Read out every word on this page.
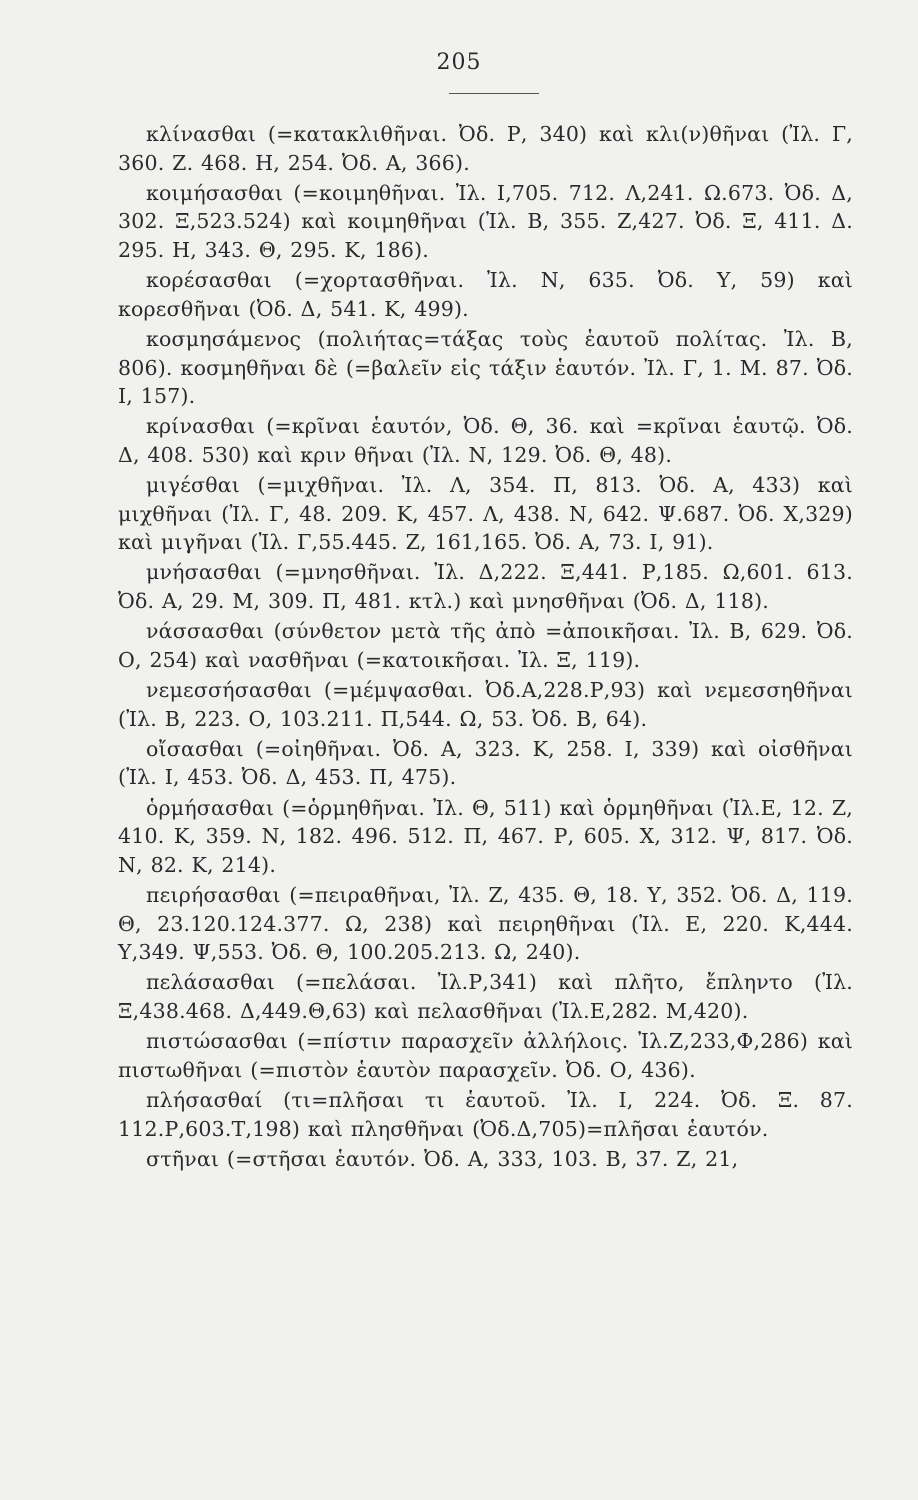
205

κλίνασθαι (=κατακλιθῆναι. Ὀδ. Ρ, 340) καὶ κλι(ν)θῆναι (Ἰλ. Γ, 360. Ζ. 468. Η, 254. Ὀδ. Α, 366).

κοιμήσασθαι (=κοιμηθῆναι. Ἰλ. Ι,705. 712. Λ,241. Ω.673. Ὀδ. Δ, 302. Ξ,523.524) καὶ κοιμηθῆναι (Ἰλ. Β, 355. Ζ,427. Ὀδ. Ξ, 411. Δ. 295. Η, 343. Θ, 295. Κ, 186).

κορέσασθαι (=χορτασθῆναι. Ἰλ. Ν, 635. Ὀδ. Υ, 59) καὶ κορεσθῆναι (Ὀδ. Δ, 541. Κ, 499).

κοσμησάμενος (πολιήτας=τάξας τοὺς ἑαυτοῦ πολίτας. Ἰλ. Β, 806). κοσμηθῆναι δὲ (=βαλεῖν εἰς τάξιν ἑαυτόν. Ἰλ. Γ, 1. Μ. 87. Ὀδ. Ι, 157).

κρίνασθαι (=κρῖναι ἑαυτόν, Ὀδ. Θ, 36. καὶ =κρῖναι ἑαυτῷ. Ὀδ. Δ, 408. 530) καὶ κριν θῆναι (Ἰλ. Ν, 129. Ὀδ. Θ, 48).

μιγέσθαι (=μιχθῆναι. Ἰλ. Λ, 354. Π, 813. Ὀδ. Α, 433) καὶ μιχθῆναι (Ἰλ. Γ, 48. 209. Κ, 457. Λ, 438. Ν, 642. Ψ.687. Ὀδ. Χ,329) καὶ μιγῆναι (Ἰλ. Γ,55.445. Ζ, 161,165. Ὀδ. Α, 73. Ι, 91).

μνήσασθαι (=μνησθῆναι. Ἰλ. Δ,222. Ξ,441. Ρ,185. Ω,601. 613. Ὀδ. Α, 29. Μ, 309. Π, 481. κτλ.) καὶ μνησθῆναι (Ὀδ. Δ, 118).

νάσσασθαι (σύνθετον μετὰ τῆς ἀπὸ =ἀποικῆσαι. Ἰλ. Β, 629. Ὀδ. Ο, 254) καὶ νασθῆναι (=κατοικῆσαι. Ἰλ. Ξ, 119).

νεμεσσήσασθαι (=μέμψασθαι. Ὀδ.Α,228.Ρ,93) καὶ νεμεσσηθῆναι (Ἰλ. Β, 223. Ο, 103.211. Π,544. Ω, 53. Ὀδ. Β, 64).

οἴσασθαι (=οἰηθῆναι. Ὀδ. Α, 323. Κ, 258. Ι, 339) καὶ οἰσθῆναι (Ἰλ. Ι, 453. Ὀδ. Δ, 453. Π, 475).

ὁρμήσασθαι (=ὁρμηθῆναι. Ἰλ. Θ, 511) καὶ ὁρμηθῆναι (Ἰλ.Ε, 12. Ζ, 410. Κ, 359. Ν, 182. 496. 512. Π, 467. Ρ, 605. Χ, 312. Ψ, 817. Ὀδ. Ν, 82. Κ, 214).

πειρήσασθαι (=πειραθῆναι, Ἰλ. Ζ, 435. Θ, 18. Υ, 352. Ὀδ. Δ, 119. Θ, 23.120.124.377. Ω, 238) καὶ πειρηθῆναι (Ἰλ. Ε, 220. Κ,444. Υ,349. Ψ,553. Ὀδ. Θ, 100.205.213. Ω, 240).

πελάσασθαι (=πελάσαι. Ἰλ.Ρ,341) καὶ πλῆτο, ἔπληντο (Ἰλ. Ξ,438.468. Δ,449.Θ,63) καὶ πελασθῆναι (Ἰλ.Ε,282. Μ,420).

πιστώσασθαι (=πίστιν παρασχεῖν ἀλλήλοις. Ἰλ.Ζ,233,Φ,286) καὶ πιστωθῆναι (=πιστὸν ἑαυτὸν παρασχεῖν. Ὀδ. Ο, 436).

πλήσασθαί (τι=πλῆσαι τι ἑαυτοῦ. Ἰλ. Ι, 224. Ὀδ. Ξ. 87. 112.Ρ,603.Τ,198) καὶ πλησθῆναι (Ὀδ.Δ,705)=πλῆσαι ἑαυτόν.

στῆναι (=στῆσαι ἑαυτόν. Ὀδ. Α, 333, 103. Β, 37. Ζ, 21,
